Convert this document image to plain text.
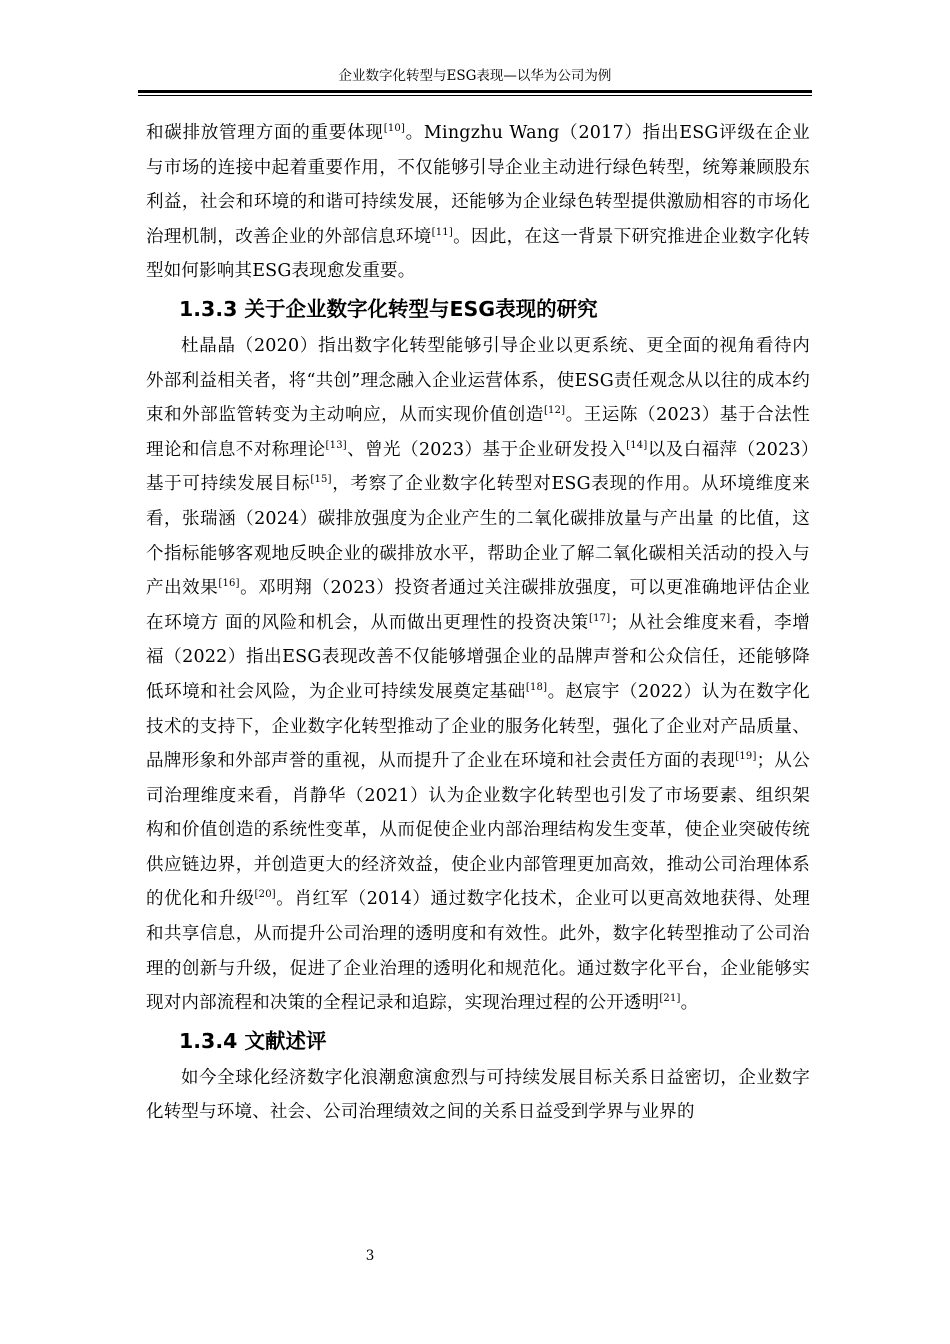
企业数字化转型与ESG表现—以华为公司为例

和碳排放管理方面的重要体现[10]。Mingzhu Wang（2017）指出ESG评级在企业与市场的连接中起着重要作用，不仅能够引导企业主动进行绿色转型，统筹兼顾股东利益，社会和环境的和谐可持续发展，还能够为企业绿色转型提供激励相容的市场化治理机制，改善企业的外部信息环境[11]。因此，在这一背景下研究推进企业数字化转型如何影响其ESG表现愈发重要。

1.3.3 关于企业数字化转型与ESG表现的研究

杜晶晶（2020）指出数字化转型能够引导企业以更系统、更全面的视角看待内外部利益相关者，将“共创”理念融入企业运营体系，使ESG责任观念从以往的成本约束和外部监管转变为主动响应，从而实现价值创造[12]。王运陈（2023）基于合法性理论和信息不对称理论[13]、曾光（2023）基于企业研发投入[14]以及白福萍（2023）基于可持续发展目标[15]，考察了企业数字化转型对ESG表现的作用。从环境维度来看，张瑞涵（2024）碳排放强度为企业产生的二氧化碳排放量与产出量 的比值，这个指标能够客观地反映企业的碳排放水平，帮助企业了解二氧化碳相关活动的投入与产出效果[16]。邓明翔（2023）投资者通过关注碳排放强度，可以更准确地评估企业在环境方 面的风险和机会，从而做出更理性的投资决策[17]；从社会维度来看，李增福（2022）指出ESG表现改善不仅能够增强企业的品牌声誉和公众信任，还能够降低环境和社会风险，为企业可持续发展奠定基础[18]。赵宸宇（2022）认为在数字化技术的支持下，企业数字化转型推动了企业的服务化转型，强化了企业对产品质量、品牌形象和外部声誉的重视，从而提升了企业在环境和社会责任方面的表现[19]；从公司治理维度来看，肖静华（2021）认为企业数字化转型也引发了市场要素、组织架构和价值创造的系统性变革，从而促使企业内部治理结构发生变革，使企业突破传统供应链边界，并创造更大的经济效益，使企业内部管理更加高效，推动公司治理体系的优化和升级[20]。肖红军（2014）通过数字化技术，企业可以更高效地获得、处理和共享信息，从而提升公司治理的透明度和有效性。此外，数字化转型推动了公司治理的创新与升级，促进了企业治理的透明化和规范化。通过数字化平台，企业能够实现对内部流程和决策的全程记录和追踪，实现治理过程的公开透明[21]。

1.3.4 文献述评

如今全球化经济数字化浪潮愈演愈烈与可持续发展目标关系日益密切，企业数字化转型与环境、社会、公司治理绩效之间的关系日益受到学界与业界的

3
